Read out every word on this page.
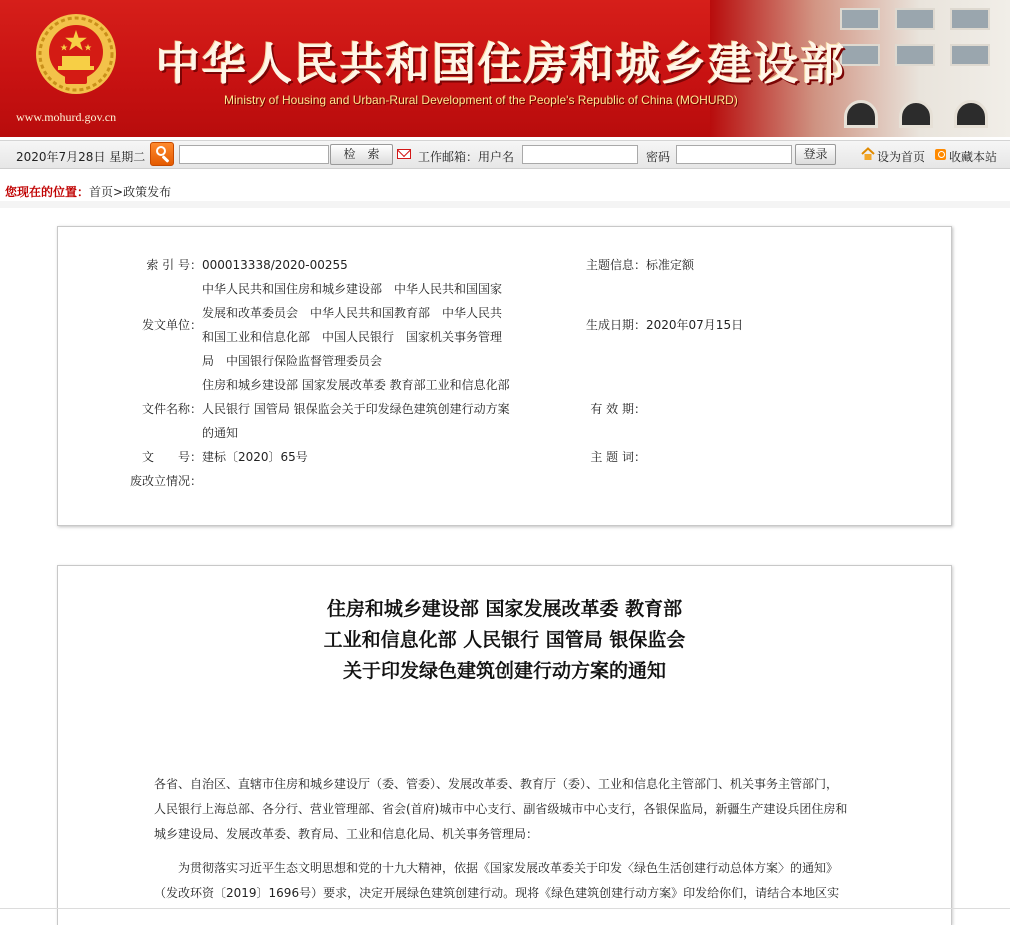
www.mohurd.gov.cn
中华人民共和国住房和城乡建设部
Ministry of Housing and Urban-Rural Development of the People's Republic of China (MOHURD)
2020年7月28日 星期二	检　索	工作邮箱：用户名	密码	登录	设为首页 收藏本站
您现在的位置：首页>政策发布
索 引 号： 000013338/2020-00255	主题信息： 标准定额
发文单位：
中华人民共和国住房和城乡建设部　中华人民共和国国家
发展和改革委员会　中华人民共和国教育部　中华人民共
和国工业和信息化部　中国人民银行　国家机关事务管理
局　中国银行保险监督管理委员会
生成日期： 2020年07月15日
文件名称：
住房和城乡建设部 国家发展改革委 教育部工业和信息化部
人民银行 国管局 银保监会关于印发绿色建筑创建行动方案
的通知
有 效 期：
文　　号： 建标〔2020〕65号	主 题 词：
废改立情况：
住房和城乡建设部 国家发展改革委 教育部
工业和信息化部 人民银行 国管局 银保监会
关于印发绿色建筑创建行动方案的通知
各省、自治区、直辖市住房和城乡建设厅（委、管委）、发展改革委、教育厅（委）、工业和信息化主管部门、机关事务主管部门，
人民银行上海总部、各分行、营业管理部、省会(首府)城市中心支行、副省级城市中心支行，各银保监局，新疆生产建设兵团住房和
城乡建设局、发展改革委、教育局、工业和信息化局、机关事务管理局：
　　为贯彻落实习近平生态文明思想和党的十九大精神，依据《国家发展改革委关于印发〈绿色生活创建行动总体方案〉的通知》
（发改环资〔2019〕1696号）要求，决定开展绿色建筑创建行动。现将《绿色建筑创建行动方案》印发给你们，请结合本地区实
